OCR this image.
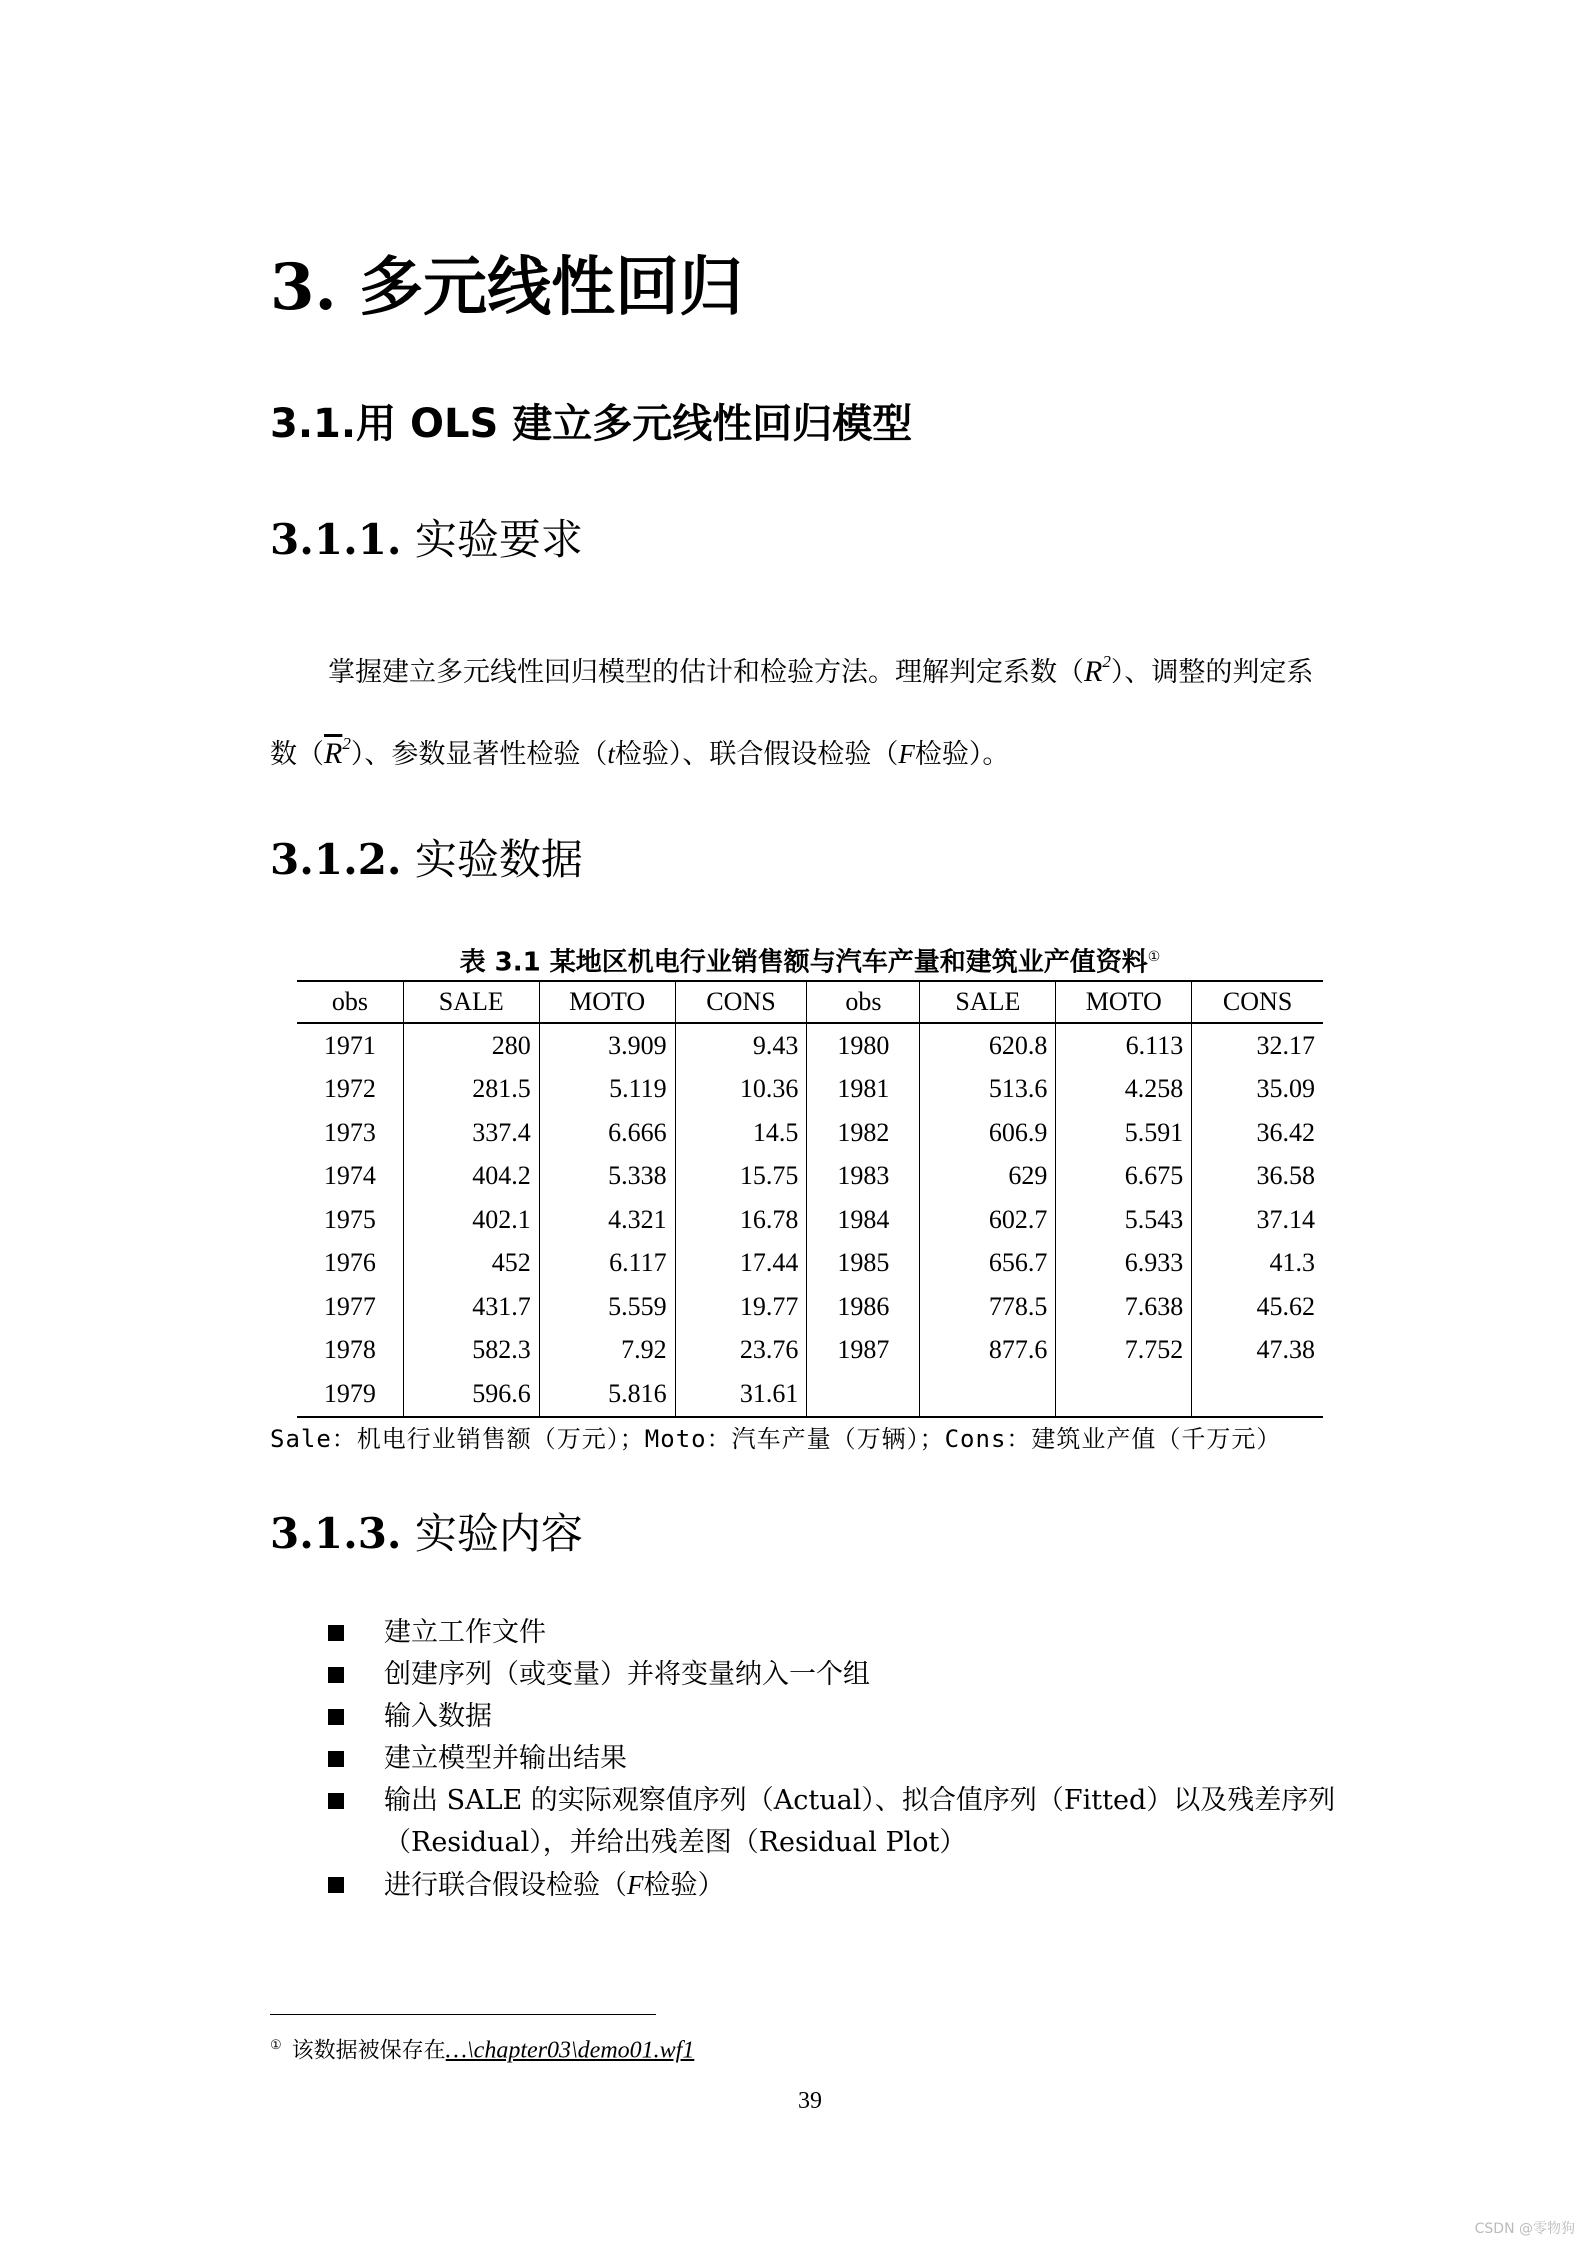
3. 多元线性回归
3.1.用 OLS 建立多元线性回归模型
3.1.1. 实验要求
掌握建立多元线性回归模型的估计和检验方法。理解判定系数$(R^2)$、调整的判定系
数$(\overline{R}^2)$、参数显著性检验（t检验）、联合假设检验（F检验）。
3.1.2. 实验数据
表 3.1 某地区机电行业销售额与汽车产量和建筑业产值资料①
obs	SALE	MOTO	CONS	obs	SALE	MOTO	CONS
1971	280	3.909	9.43	1980	620.8	6.113	32.17
1972	281.5	5.119	10.36	1981	513.6	4.258	35.09
1973	337.4	6.666	14.5	1982	606.9	5.591	36.42
1974	404.2	5.338	15.75	1983	629	6.675	36.58
1975	402.1	4.321	16.78	1984	602.7	5.543	37.14
1976	452	6.117	17.44	1985	656.7	6.933	41.3
1977	431.7	5.559	19.77	1986	778.5	7.638	45.62
1978	582.3	7.92	23.76	1987	877.6	7.752	47.38
1979	596.6	5.816	31.61				
Sale：机电行业销售额（万元）；Moto：汽车产量（万辆）；Cons：建筑业产值（千万元）
3.1.3. 实验内容
建立工作文件
创建序列（或变量）并将变量纳入一个组
输入数据
建立模型并输出结果
输出 SALE 的实际观察值序列（Actual）、拟合值序列（Fitted）以及残差序列
（Residual），并给出残差图（Residual Plot）
进行联合假设检验（F检验）
① 该数据被保存在…\chapter03\demo01.wf1
39
CSDN @零物狗
